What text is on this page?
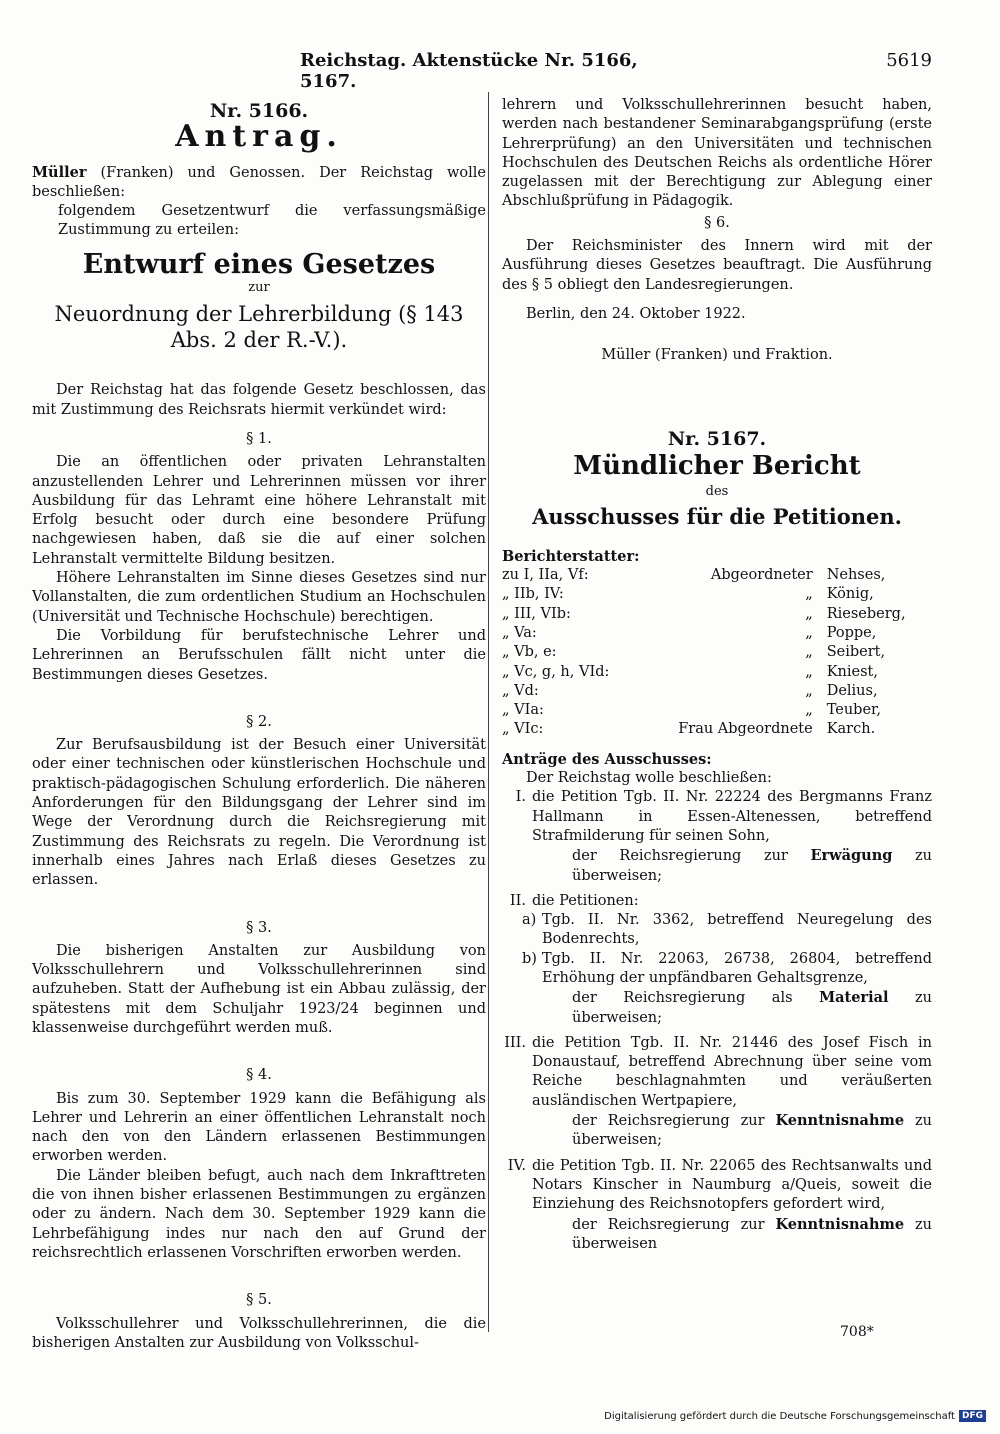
Reichstag. Aktenstücke Nr. 5166, 5167.
5619

Nr. 5166.

Antrag.

Müller (Franken) und Genossen. Der Reichstag wolle beschließen:

folgendem Gesetzentwurf die verfassungsmäßige Zustimmung zu erteilen:

Entwurf eines Gesetzes

zur

Neuordnung der Lehrerbildung (§ 143 Abs. 2 der R.-V.).

Der Reichstag hat das folgende Gesetz beschlossen, das mit Zustimmung des Reichsrats hiermit verkündet wird:

§ 1.

Die an öffentlichen oder privaten Lehranstalten anzustellenden Lehrer und Lehrerinnen müssen vor ihrer Ausbildung für das Lehramt eine höhere Lehranstalt mit Erfolg besucht oder durch eine besondere Prüfung nachgewiesen haben, daß sie die auf einer solchen Lehranstalt vermittelte Bildung besitzen.

Höhere Lehranstalten im Sinne dieses Gesetzes sind nur Vollanstalten, die zum ordentlichen Studium an Hochschulen (Universität und Technische Hochschule) berechtigen.

Die Vorbildung für berufstechnische Lehrer und Lehrerinnen an Berufsschulen fällt nicht unter die Bestimmungen dieses Gesetzes.

§ 2.

Zur Berufsausbildung ist der Besuch einer Universität oder einer technischen oder künstlerischen Hochschule und praktisch-pädagogischen Schulung erforderlich. Die näheren Anforderungen für den Bildungsgang der Lehrer sind im Wege der Verordnung durch die Reichsregierung mit Zustimmung des Reichsrats zu regeln. Die Verordnung ist innerhalb eines Jahres nach Erlaß dieses Gesetzes zu erlassen.

§ 3.

Die bisherigen Anstalten zur Ausbildung von Volksschullehrern und Volksschullehrerinnen sind aufzuheben. Statt der Aufhebung ist ein Abbau zulässig, der spätestens mit dem Schuljahr 1923/24 beginnen und klassenweise durchgeführt werden muß.

§ 4.

Bis zum 30. September 1929 kann die Befähigung als Lehrer und Lehrerin an einer öffentlichen Lehranstalt noch nach den von den Ländern erlassenen Bestimmungen erworben werden.

Die Länder bleiben befugt, auch nach dem Inkrafttreten die von ihnen bisher erlassenen Bestimmungen zu ergänzen oder zu ändern. Nach dem 30. September 1929 kann die Lehrbefähigung indes nur nach den auf Grund der reichsrechtlich erlassenen Vorschriften erworben werden.

§ 5.

Volksschullehrer und Volksschullehrerinnen, die die bisherigen Anstalten zur Ausbildung von Volksschul-

lehrern und Volksschullehrerinnen besucht haben, werden nach bestandener Seminarabgangsprüfung (erste Lehrerprüfung) an den Universitäten und technischen Hochschulen des Deutschen Reichs als ordentliche Hörer zugelassen mit der Berechtigung zur Ablegung einer Abschlußprüfung in Pädagogik.

§ 6.

Der Reichsminister des Innern wird mit der Ausführung dieses Gesetzes beauftragt. Die Ausführung des § 5 obliegt den Landesregierungen.

Berlin, den 24. Oktober 1922.

Müller (Franken) und Fraktion.

Nr. 5167.

Mündlicher Bericht

des

Ausschusses für die Petitionen.

Berichterstatter:

zu I, IIa, Vf:	Abgeordneter	Nehses,
„ IIb, IV:	„	König,
„ III, VIb:	„	Rieseberg,
„ Va:	„	Poppe,
„ Vb, e:	„	Seibert,
„ Vc, g, h, VId:	„	Kniest,
„ Vd:	„	Delius,
„ VIa:	„	Teuber,
„ VIc:	Frau Abgeordnete	Karch.

Anträge des Ausschusses:

Der Reichstag wolle beschließen:

I. die Petition Tgb. II. Nr. 22224 des Bergmanns Franz Hallmann in Essen-Altenessen, betreffend Strafmilderung für seinen Sohn,

der Reichsregierung zur Erwägung zu überweisen;

II. die Petitionen:
a) Tgb. II. Nr. 3362, betreffend Neuregelung des Bodenrechts,
b) Tgb. II. Nr. 22063, 26738, 26804, betreffend Erhöhung der unpfändbaren Gehaltsgrenze,

der Reichsregierung als Material zu überweisen;

III. die Petition Tgb. II. Nr. 21446 des Josef Fisch in Donaustauf, betreffend Abrechnung über seine vom Reiche beschlagnahmten und veräußerten ausländischen Wertpapiere,

der Reichsregierung zur Kenntnisnahme zu überweisen;

IV. die Petition Tgb. II. Nr. 22065 des Rechtsanwalts und Notars Kinscher in Naumburg a/Queis, soweit die Einziehung des Reichsnotopfers gefordert wird,

der Reichsregierung zur Kenntnisnahme zu überweisen

708*
Digitalisierung gefördert durch die Deutsche Forschungsgemeinschaft DFG
